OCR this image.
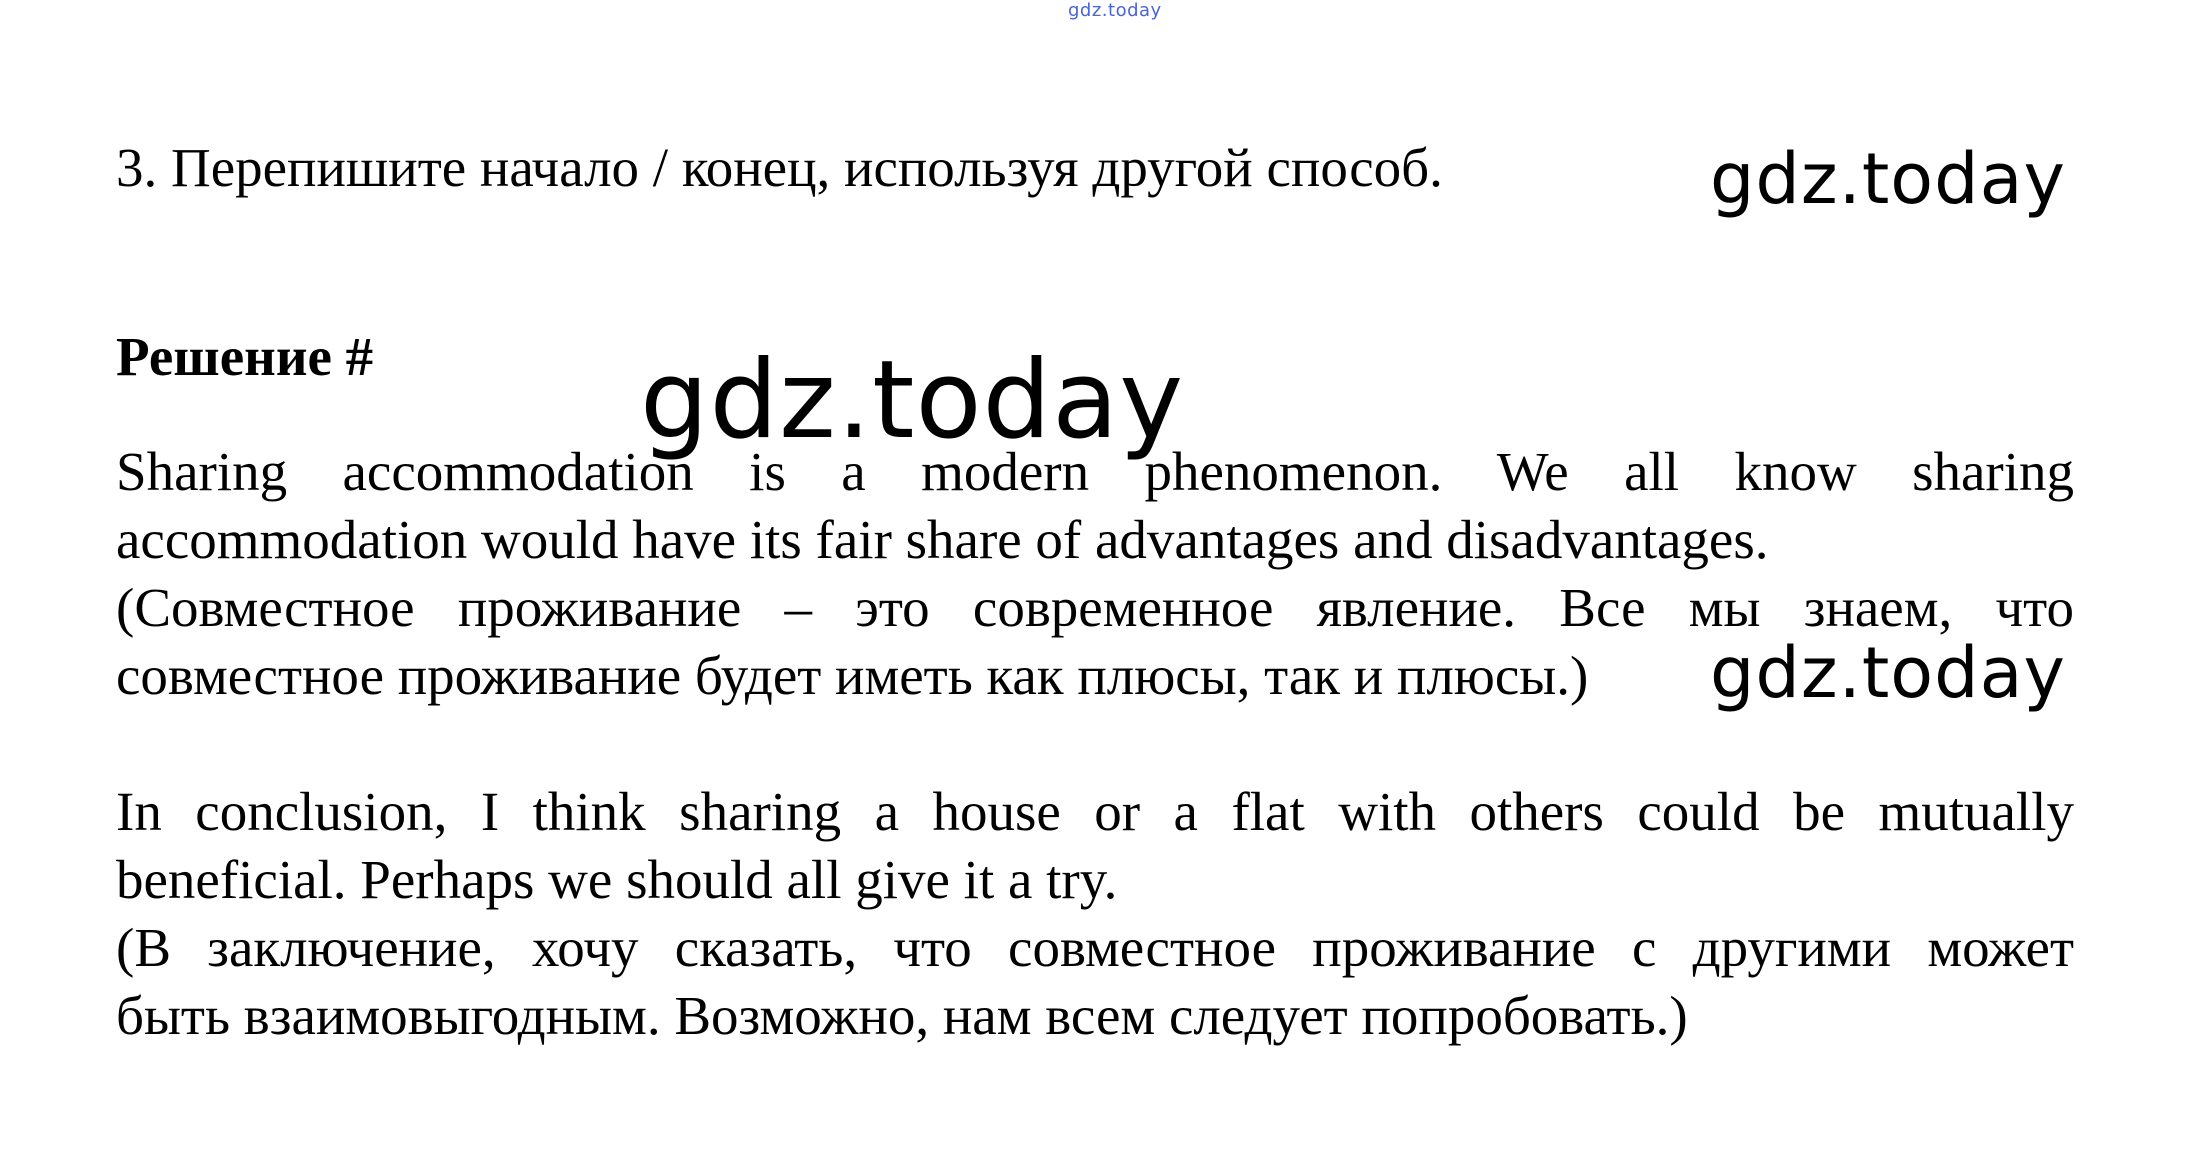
gdz.today
3. Перепишите начало / конец, используя другой способ.	gdz.today
Решение # gdz.today
Sharing accommodation is a modern phenomenon. We all know sharing
accommodation would have its fair share of advantages and disadvantages.
(Совместное проживание – это современное явление. Все мы знаем, что
совместное проживание будет иметь как плюсы, так и плюсы.)	gdz.today
In conclusion, I think sharing a house or a flat with others could be mutually
beneficial. Perhaps we should all give it a try.
(В заключение, хочу сказать, что совместное проживание с другими может
быть взаимовыгодным. Возможно, нам всем следует попробовать.)
